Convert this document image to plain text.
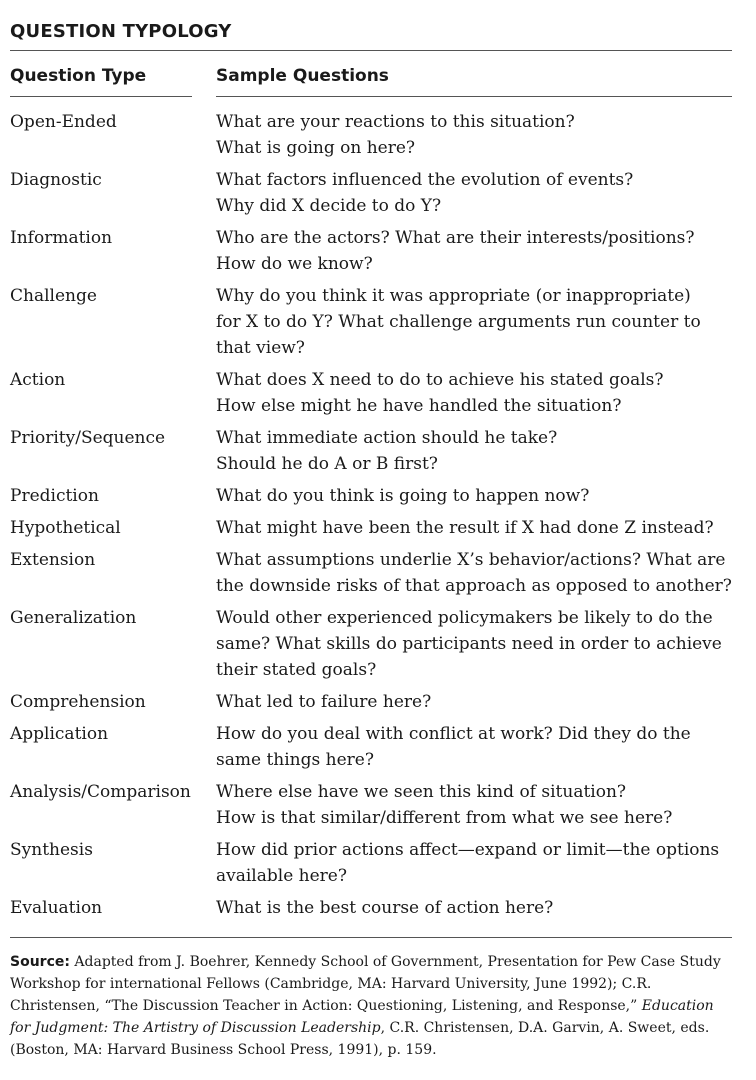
QUESTION TYPOLOGY
Question Type	Sample Questions
Open-Ended	What are your reactions to this situation?
What is going on here?
Diagnostic	What factors influenced the evolution of events?
Why did X decide to do Y?
Information	Who are the actors? What are their interests/positions?
How do we know?
Challenge	Why do you think it was appropriate (or inappropriate)
for X to do Y? What challenge arguments run counter to
that view?
Action	What does X need to do to achieve his stated goals?
How else might he have handled the situation?
Priority/Sequence	What immediate action should he take?
Should he do A or B first?
Prediction	What do you think is going to happen now?
Hypothetical	What might have been the result if X had done Z instead?
Extension	What assumptions underlie X’s behavior/actions? What are
the downside risks of that approach as opposed to another?
Generalization	Would other experienced policymakers be likely to do the
same? What skills do participants need in order to achieve
their stated goals?
Comprehension	What led to failure here?
Application	How do you deal with conflict at work? Did they do the
same things here?
Analysis/Comparison	Where else have we seen this kind of situation?
How is that similar/different from what we see here?
Synthesis	How did prior actions affect—expand or limit—the options
available here?
Evaluation	What is the best course of action here?
Source: Adapted from J. Boehrer, Kennedy School of Government, Presentation for Pew Case Study Workshop for international Fellows (Cambridge, MA: Harvard University, June 1992); C.R. Christensen, “The Discussion Teacher in Action: Questioning, Listening, and Response,” Education for Judgment: The Artistry of Discussion Leadership, C.R. Christensen, D.A. Garvin, A. Sweet, eds. (Boston, MA: Harvard Business School Press, 1991), p. 159.
